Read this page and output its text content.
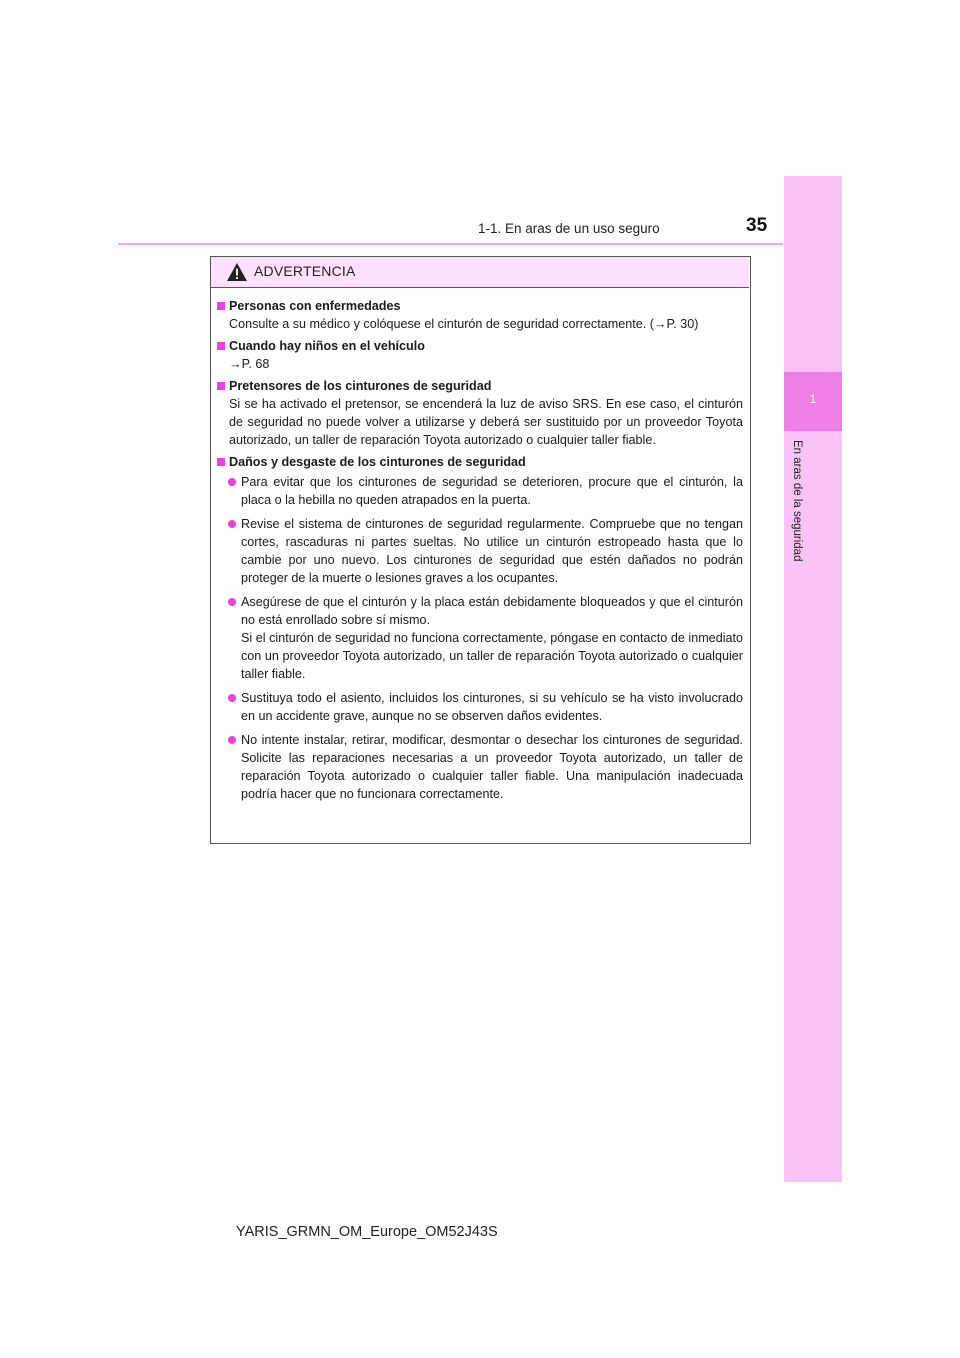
1
En aras de la seguridad
1-1. En aras de un uso seguro	35
ADVERTENCIA
Personas con enfermedades

Consulte a su médico y colóquese el cinturón de seguridad correctamente. (→P. 30)

Cuando hay niños en el vehículo

→P. 68

Pretensores de los cinturones de seguridad

Si se ha activado el pretensor, se encenderá la luz de aviso SRS. En ese caso, el cinturón de seguridad no puede volver a utilizarse y deberá ser sustituido por un proveedor Toyota autorizado, un taller de reparación Toyota autorizado o cualquier taller fiable.

Daños y desgaste de los cinturones de seguridad

Para evitar que los cinturones de seguridad se deterioren, procure que el cinturón, la placa o la hebilla no queden atrapados en la puerta.

Revise el sistema de cinturones de seguridad regularmente. Compruebe que no tengan cortes, rascaduras ni partes sueltas. No utilice un cinturón estropeado hasta que lo cambie por uno nuevo. Los cinturones de seguridad que estén dañados no podrán proteger de la muerte o lesiones graves a los ocupantes.

Asegúrese de que el cinturón y la placa están debidamente bloqueados y que el cinturón no está enrollado sobre sí mismo.

Si el cinturón de seguridad no funciona correctamente, póngase en contacto de inmediato con un proveedor Toyota autorizado, un taller de reparación Toyota autorizado o cualquier taller fiable.

Sustituya todo el asiento, incluidos los cinturones, si su vehículo se ha visto involucrado en un accidente grave, aunque no se observen daños evidentes.

No intente instalar, retirar, modificar, desmontar o desechar los cinturones de seguridad. Solicite las reparaciones necesarias a un proveedor Toyota autorizado, un taller de reparación Toyota autorizado o cualquier taller fiable. Una manipulación inadecuada podría hacer que no funcionara correctamente.

YARIS_GRMN_OM_Europe_OM52J43S
